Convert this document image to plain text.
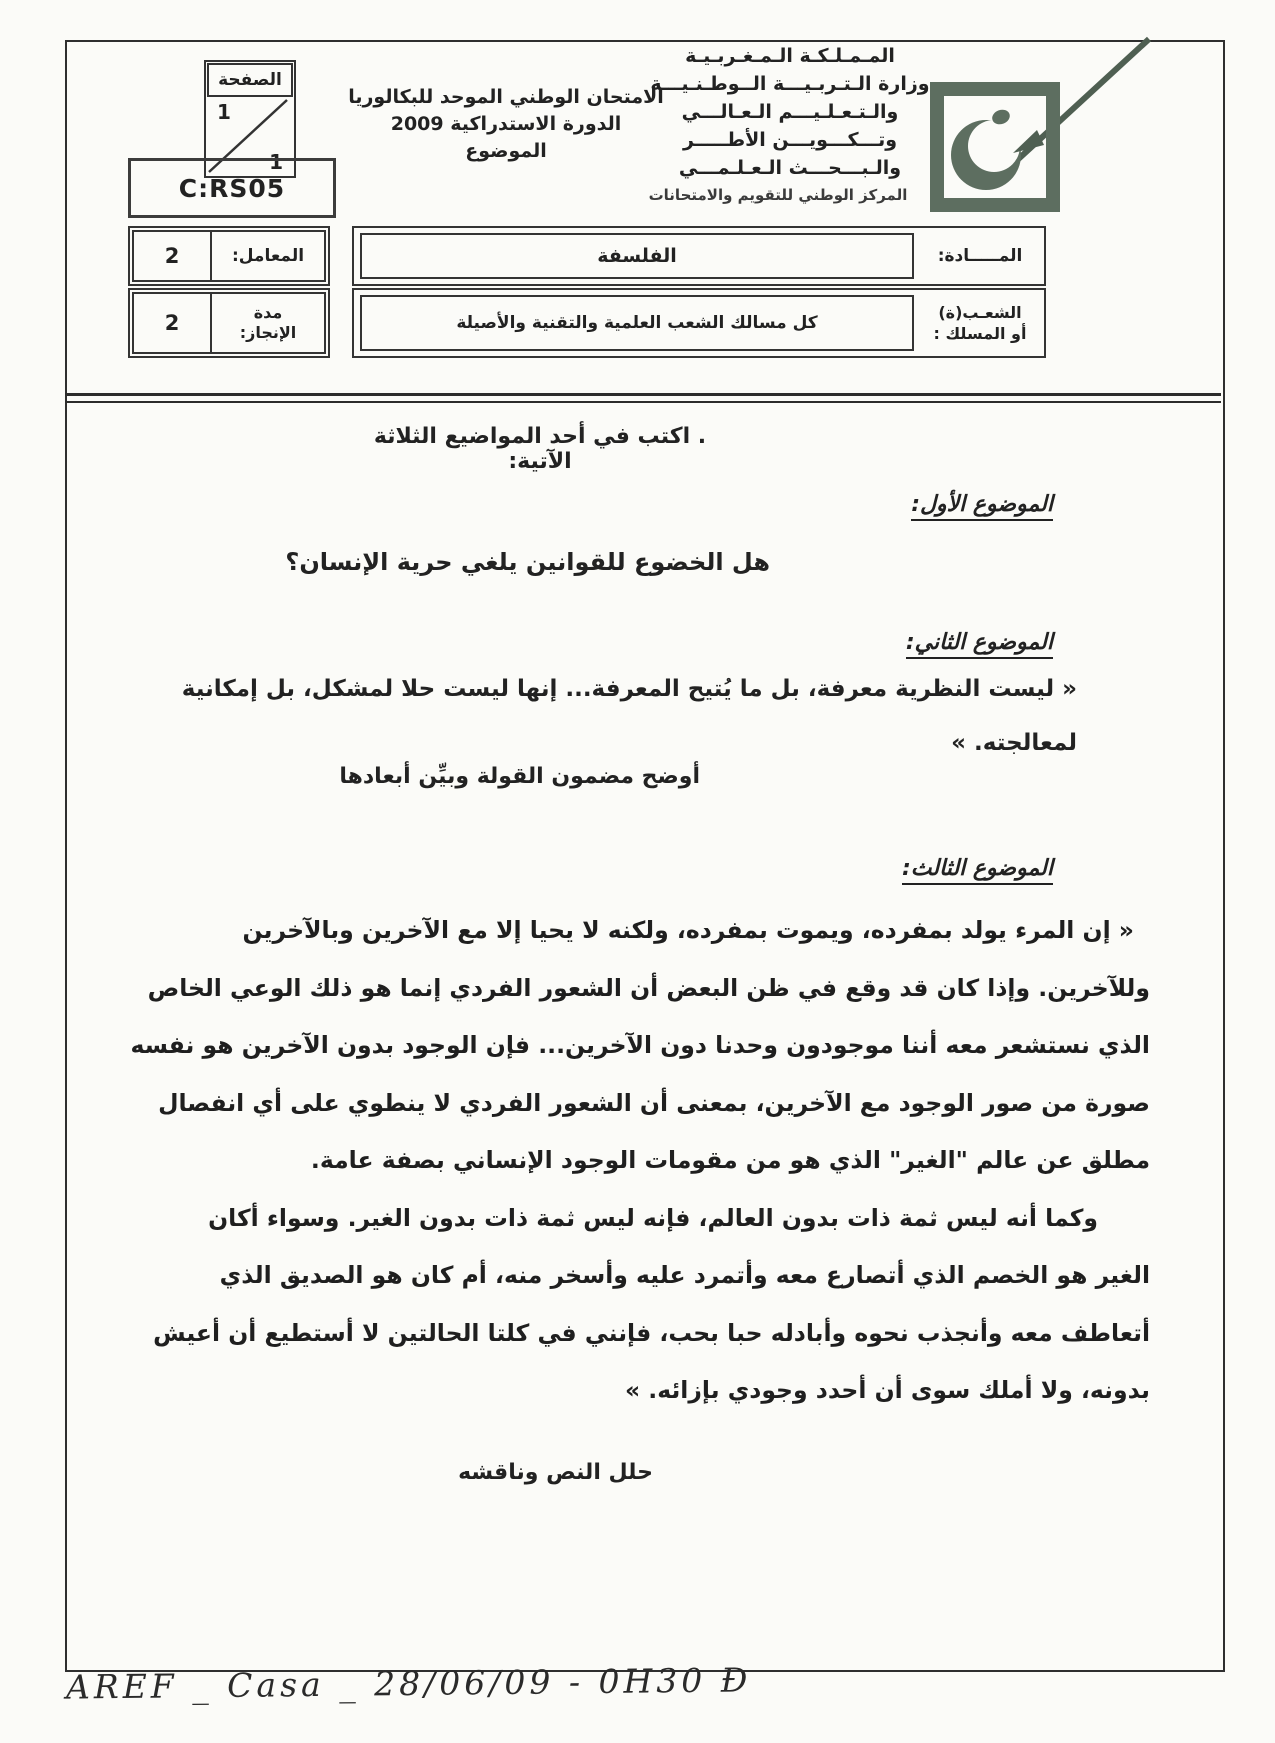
الصفحة
1
1
الامتحان الوطني الموحد للبكالوريا
الدورة الاستدراكية 2009
الموضوع
المـمـلـكـة الـمـغـربـيـة
وزارة الـتـربـيـــة الــوطـنـيـــة
والـتـعـلـيـــم الـعـالـــي
وتـــكـــويـــن الأطـــــر
والـبـــحـــث الـعـلـمـــي
المركز الوطني للتقويم والامتحانات
C:RS05
المعامل:
2	المـــــادة:
الفلسفة
مدة
الإنجاز:
2	الشعـب(ة)
أو المسلك :
كل مسالك الشعب العلمية والتقنية والأصيلة
. اكتب في أحد المواضيع الثلاثة الآتية:
الموضوع الأول:
هل الخضوع للقوانين يلغي حرية الإنسان؟
الموضوع الثاني:
« ليست النظرية معرفة، بل ما يُتيح المعرفة... إنها ليست حلا لمشكل، بل إمكانية
لمعالجته. »
أوضح مضمون القولة وبيِّن أبعادها
الموضوع الثالث:
« إن المرء يولد بمفرده، ويموت بمفرده، ولكنه لا يحيا إلا مع الآخرين وبالآخرين
وللآخرين. وإذا كان قد وقع في ظن البعض أن الشعور الفردي إنما هو ذلك الوعي الخاص
الذي نستشعر معه أننا موجودون وحدنا دون الآخرين... فإن الوجود بدون الآخرين هو نفسه
صورة من صور الوجود مع الآخرين، بمعنى أن الشعور الفردي لا ينطوي على أي انفصال
مطلق عن عالم "الغير" الذي هو من مقومات الوجود الإنساني بصفة عامة.
وكما أنه ليس ثمة ذات بدون العالم، فإنه ليس ثمة ذات بدون الغير. وسواء أكان
الغير هو الخصم الذي أتصارع معه وأتمرد عليه وأسخر منه، أم كان هو الصديق الذي
أتعاطف معه وأنجذب نحوه وأبادله حبا بحب، فإنني في كلتا الحالتين لا أستطيع أن أعيش
بدونه، ولا أملك سوى أن أحدد وجودي بإزائه. »
حلل النص وناقشه
AREF _ Casa _ 28/06/09 - 0H30 Đ
